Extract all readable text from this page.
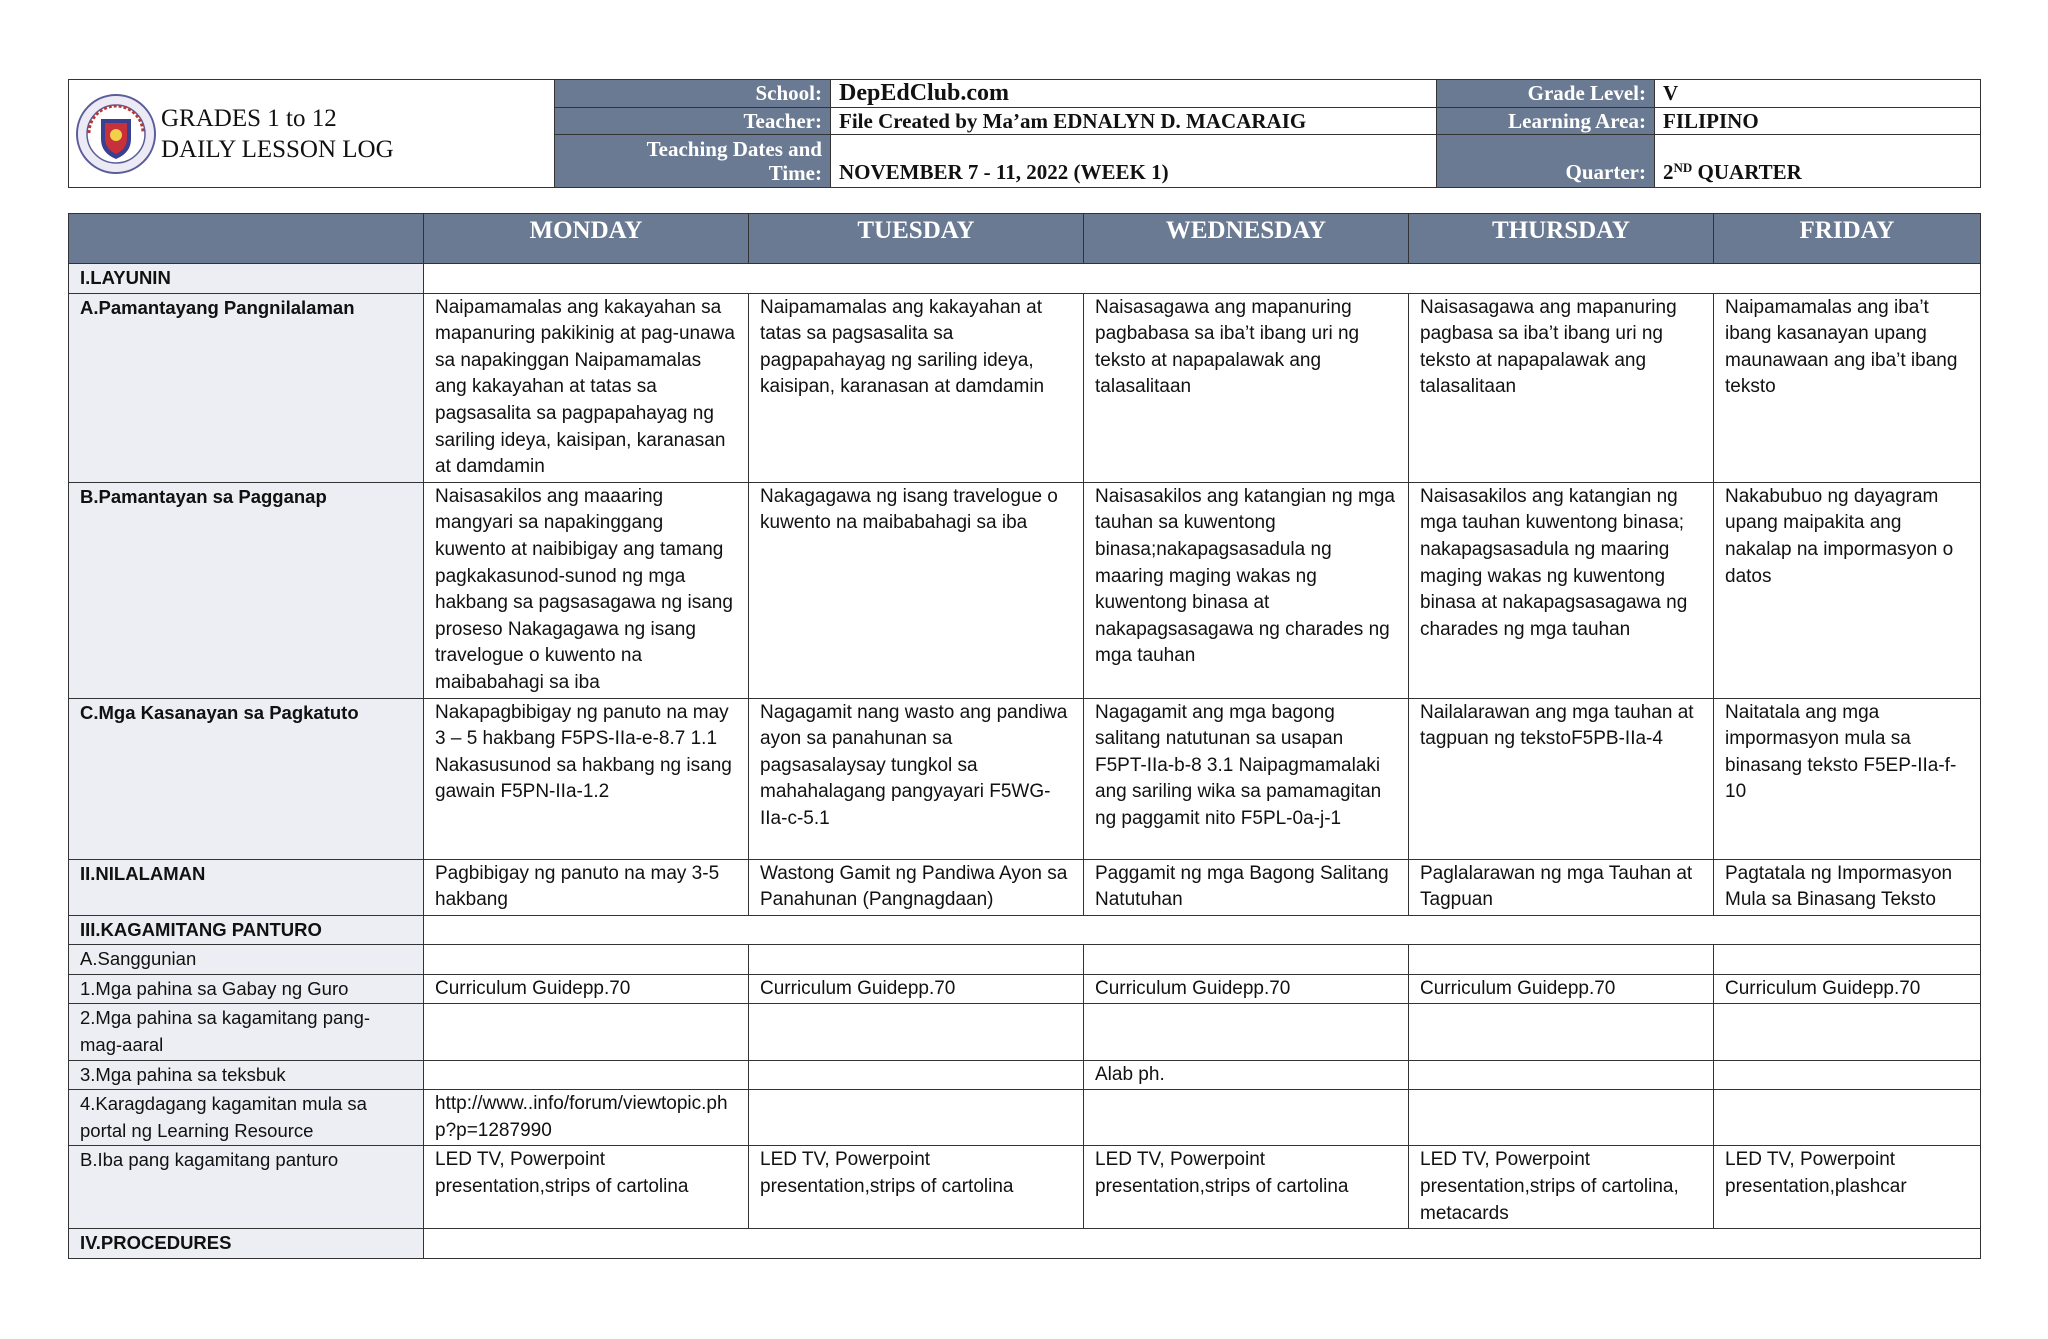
GRADES 1 to 12
DAILY LESSON LOG	School:	DepEdClub.com	Grade Level:	V
	Teacher:	File Created by Ma’am EDNALYN D. MACARAIG	Learning Area:	FILIPINO

	Teaching Dates and
Time:	NOVEMBER 7 - 11, 2022 (WEEK 1)	Quarter:	2ND QUARTER
	MONDAY	TUESDAY	WEDNESDAY	THURSDAY	FRIDAY
I.LAYUNIN					
A.Pamantayang Pangnilalaman	Naipamamalas ang kakayahan sa mapanuring pakikinig at pag-unawa sa napakinggan Naipamamalas ang kakayahan at tatas sa pagsasalita sa pagpapahayag ng sariling ideya, kaisipan, karanasan at damdamin	Naipamamalas ang kakayahan at tatas sa pagsasalita sa pagpapahayag ng sariling ideya, kaisipan, karanasan at damdamin	Naisasagawa ang mapanuring pagbabasa sa iba’t ibang uri ng teksto at napapalawak ang talasalitaan	Naisasagawa ang mapanuring pagbasa sa iba’t ibang uri ng teksto at napapalawak ang talasalitaan	Naipamamalas ang iba’t ibang kasanayan upang maunawaan ang iba’t ibang teksto
B.Pamantayan sa Pagganap	Naisasakilos ang maaaring mangyari sa napakinggang kuwento at naibibigay ang tamang pagkakasunod-sunod ng mga hakbang sa pagsasagawa ng isang proseso Nakagagawa ng isang travelogue o kuwento na maibabahagi sa iba	Nakagagawa ng isang travelogue o kuwento na maibabahagi sa iba	Naisasakilos ang katangian ng mga tauhan sa kuwentong binasa;nakapagsasadula ng maaring maging wakas ng kuwentong binasa at nakapagsasagawa ng charades ng mga tauhan	Naisasakilos ang katangian ng mga tauhan kuwentong binasa; nakapagsasadula ng maaring maging wakas ng kuwentong binasa at nakapagsasagawa ng charades ng mga tauhan	Nakabubuo ng dayagram upang maipakita ang nakalap na impormasyon o datos
C.Mga Kasanayan sa Pagkatuto	Nakapagbibigay ng panuto na may 3 – 5 hakbang F5PS-IIa-e-8.7 1.1 Nakasusunod sa hakbang ng isang gawain F5PN-IIa-1.2	Nagagamit nang wasto ang pandiwa ayon sa panahunan sa pagsasalaysay tungkol sa mahahalagang pangyayari F5WG-IIa-c-5.1	Nagagamit ang mga bagong salitang natutunan sa usapan F5PT-IIa-b-8 3.1 Naipagmamalaki ang sariling wika sa pamamagitan ng paggamit nito F5PL-0a-j-1	Nailalarawan ang mga tauhan at tagpuan ng tekstoF5PB-IIa-4	Naitatala ang mga impormasyon mula sa binasang teksto F5EP-IIa-f-10
II.NILALAMAN	Pagbibigay ng panuto na may 3-5 hakbang	Wastong Gamit ng Pandiwa Ayon sa Panahunan (Pangnagdaan)	Paggamit ng mga Bagong Salitang Natutuhan	Paglalarawan ng mga Tauhan at Tagpuan	Pagtatala ng Impormasyon Mula sa Binasang Teksto
III.KAGAMITANG PANTURO					
A.Sanggunian					
1.Mga pahina sa Gabay ng Guro	Curriculum Guidepp.70	Curriculum Guidepp.70	Curriculum Guidepp.70	Curriculum Guidepp.70	Curriculum Guidepp.70
2.Mga pahina sa kagamitang pang-mag-aaral					
3.Mga pahina sa teksbuk			Alab ph.		
4.Karagdagang kagamitan mula sa portal ng Learning Resource	http://www..info/forum/viewtopic.php?p=1287990				
B.Iba pang kagamitang panturo	LED TV, Powerpoint presentation,strips of cartolina	LED TV, Powerpoint presentation,strips of cartolina	LED TV, Powerpoint presentation,strips of cartolina	LED TV, Powerpoint presentation,strips of cartolina, metacards	LED TV, Powerpoint presentation,plashcar
IV.PROCEDURES					
